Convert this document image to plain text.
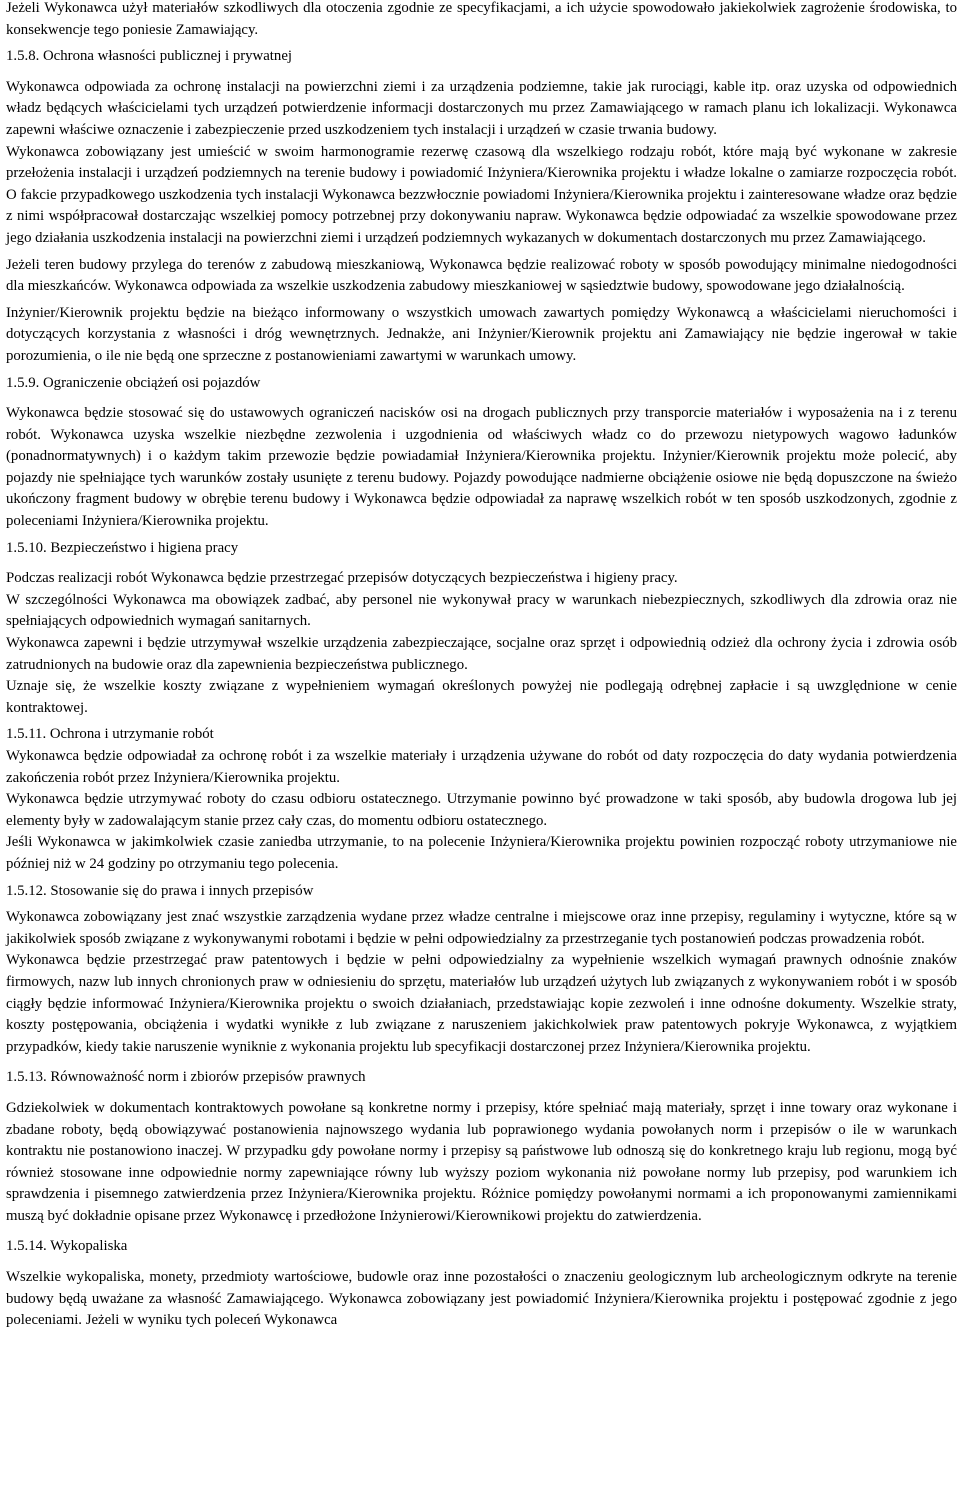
Jeżeli Wykonawca użył materiałów szkodliwych dla otoczenia zgodnie ze specyfikacjami, a ich użycie spowodowało jakiekolwiek zagrożenie środowiska, to konsekwencje tego poniesie Zamawiający.

1.5.8. Ochrona własności publicznej i prywatnej

Wykonawca odpowiada za ochronę instalacji na powierzchni ziemi i za urządzenia podziemne, takie jak rurociągi, kable itp. oraz uzyska od odpowiednich władz będących właścicielami tych urządzeń potwierdzenie informacji dostarczonych mu przez Zamawiającego w ramach planu ich lokalizacji. Wykonawca zapewni właściwe oznaczenie i zabezpieczenie przed uszkodzeniem tych instalacji i urządzeń w czasie trwania budowy.

Wykonawca zobowiązany jest umieścić w swoim harmonogramie rezerwę czasową dla wszelkiego rodzaju robót, które mają być wykonane w zakresie przełożenia instalacji i urządzeń podziemnych na terenie budowy i powiadomić Inżyniera/Kierownika projektu i władze lokalne o zamiarze rozpoczęcia robót. O fakcie przypadkowego uszkodzenia tych instalacji Wykonawca bezzwłocznie powiadomi Inżyniera/Kierownika projektu i zainteresowane władze oraz będzie z nimi współpracował dostarczając wszelkiej pomocy potrzebnej przy dokonywaniu napraw. Wykonawca będzie odpowiadać za wszelkie spowodowane przez jego działania uszkodzenia instalacji na powierzchni ziemi i urządzeń podziemnych wykazanych w dokumentach dostarczonych mu przez Zamawiającego.

Jeżeli teren budowy przylega do terenów z zabudową mieszkaniową, Wykonawca będzie realizować roboty w sposób powodujący minimalne niedogodności dla mieszkańców. Wykonawca odpowiada za wszelkie uszkodzenia zabudowy mieszkaniowej w sąsiedztwie budowy, spowodowane jego działalnością.

Inżynier/Kierownik projektu będzie na bieżąco informowany o wszystkich umowach zawartych pomiędzy Wykonawcą a właścicielami nieruchomości i dotyczących korzystania z własności i dróg wewnętrznych. Jednakże, ani Inżynier/Kierownik projektu ani Zamawiający nie będzie ingerował w takie porozumienia, o ile nie będą one sprzeczne z postanowieniami zawartymi w warunkach umowy.

1.5.9. Ograniczenie obciążeń osi pojazdów

Wykonawca będzie stosować się do ustawowych ograniczeń nacisków osi na drogach publicznych przy transporcie materiałów i wyposażenia na i z terenu robót. Wykonawca uzyska wszelkie niezbędne zezwolenia i uzgodnienia od właściwych władz co do przewozu nietypowych wagowo ładunków (ponadnormatywnych) i o każdym takim przewozie będzie powiadamiał Inżyniera/Kierownika projektu. Inżynier/Kierownik projektu może polecić, aby pojazdy nie spełniające tych warunków zostały usunięte z terenu budowy. Pojazdy powodujące nadmierne obciążenie osiowe nie będą dopuszczone na świeżo ukończony fragment budowy w obrębie terenu budowy i Wykonawca będzie odpowiadał za naprawę wszelkich robót w ten sposób uszkodzonych, zgodnie z poleceniami Inżyniera/Kierownika projektu.

1.5.10. Bezpieczeństwo i higiena pracy

Podczas realizacji robót Wykonawca będzie przestrzegać przepisów dotyczących bezpieczeństwa i higieny pracy.

W szczególności Wykonawca ma obowiązek zadbać, aby personel nie wykonywał pracy w warunkach niebezpiecznych, szkodliwych dla zdrowia oraz nie spełniających odpowiednich wymagań sanitarnych.

Wykonawca zapewni i będzie utrzymywał wszelkie urządzenia zabezpieczające, socjalne oraz sprzęt i odpowiednią odzież dla ochrony życia i zdrowia osób zatrudnionych na budowie oraz dla zapewnienia bezpieczeństwa publicznego.

Uznaje się, że wszelkie koszty związane z wypełnieniem wymagań określonych powyżej nie podlegają odrębnej zapłacie i są uwzględnione w cenie kontraktowej.

1.5.11. Ochrona i utrzymanie robót

Wykonawca będzie odpowiadał za ochronę robót i za wszelkie materiały i urządzenia używane do robót od daty rozpoczęcia do daty wydania potwierdzenia zakończenia robót przez Inżyniera/Kierownika projektu.

Wykonawca będzie utrzymywać roboty do czasu odbioru ostatecznego. Utrzymanie powinno być prowadzone w taki sposób, aby budowla drogowa lub jej elementy były w zadowalającym stanie przez cały czas, do momentu odbioru ostatecznego.

Jeśli Wykonawca w jakimkolwiek czasie zaniedba utrzymanie, to na polecenie Inżyniera/Kierownika projektu powinien rozpocząć roboty utrzymaniowe nie później niż w 24 godziny po otrzymaniu tego polecenia.

1.5.12. Stosowanie się do prawa i innych przepisów

Wykonawca zobowiązany jest znać wszystkie zarządzenia wydane przez władze centralne i miejscowe oraz inne przepisy, regulaminy i wytyczne, które są w jakikolwiek sposób związane z wykonywanymi robotami i będzie w pełni odpowiedzialny za przestrzeganie tych postanowień podczas prowadzenia robót.

Wykonawca będzie przestrzegać praw patentowych i będzie w pełni odpowiedzialny za wypełnienie wszelkich wymagań prawnych odnośnie znaków firmowych, nazw lub innych chronionych praw w odniesieniu do sprzętu, materiałów lub urządzeń użytych lub związanych z wykonywaniem robót i w sposób ciągły będzie informować Inżyniera/Kierownika projektu o swoich działaniach, przedstawiając kopie zezwoleń i inne odnośne dokumenty. Wszelkie straty, koszty postępowania, obciążenia i wydatki wynikłe z lub związane z naruszeniem jakichkolwiek praw patentowych pokryje Wykonawca, z wyjątkiem przypadków, kiedy takie naruszenie wyniknie z wykonania projektu lub specyfikacji dostarczonej przez Inżyniera/Kierownika projektu.

1.5.13. Równoważność norm i zbiorów przepisów prawnych

Gdziekolwiek w dokumentach kontraktowych powołane są konkretne normy i przepisy, które spełniać mają materiały, sprzęt i inne towary oraz wykonane i zbadane roboty, będą obowiązywać postanowienia najnowszego wydania lub poprawionego wydania powołanych norm i przepisów o ile w warunkach kontraktu nie postanowiono inaczej. W przypadku gdy powołane normy i przepisy są państwowe lub odnoszą się do konkretnego kraju lub regionu, mogą być również stosowane inne odpowiednie normy zapewniające równy lub wyższy poziom wykonania niż powołane normy lub przepisy, pod warunkiem ich sprawdzenia i pisemnego zatwierdzenia przez Inżyniera/Kierownika projektu. Różnice pomiędzy powołanymi normami a ich proponowanymi zamiennikami muszą być dokładnie opisane przez Wykonawcę i przedłożone Inżynierowi/Kierownikowi projektu do zatwierdzenia.

1.5.14. Wykopaliska

Wszelkie wykopaliska, monety, przedmioty wartościowe, budowle oraz inne pozostałości o znaczeniu geologicznym lub archeologicznym odkryte na terenie budowy będą uważane za własność Zamawiającego. Wykonawca zobowiązany jest powiadomić Inżyniera/Kierownika projektu i postępować zgodnie z jego poleceniami. Jeżeli w wyniku tych poleceń Wykonawca
